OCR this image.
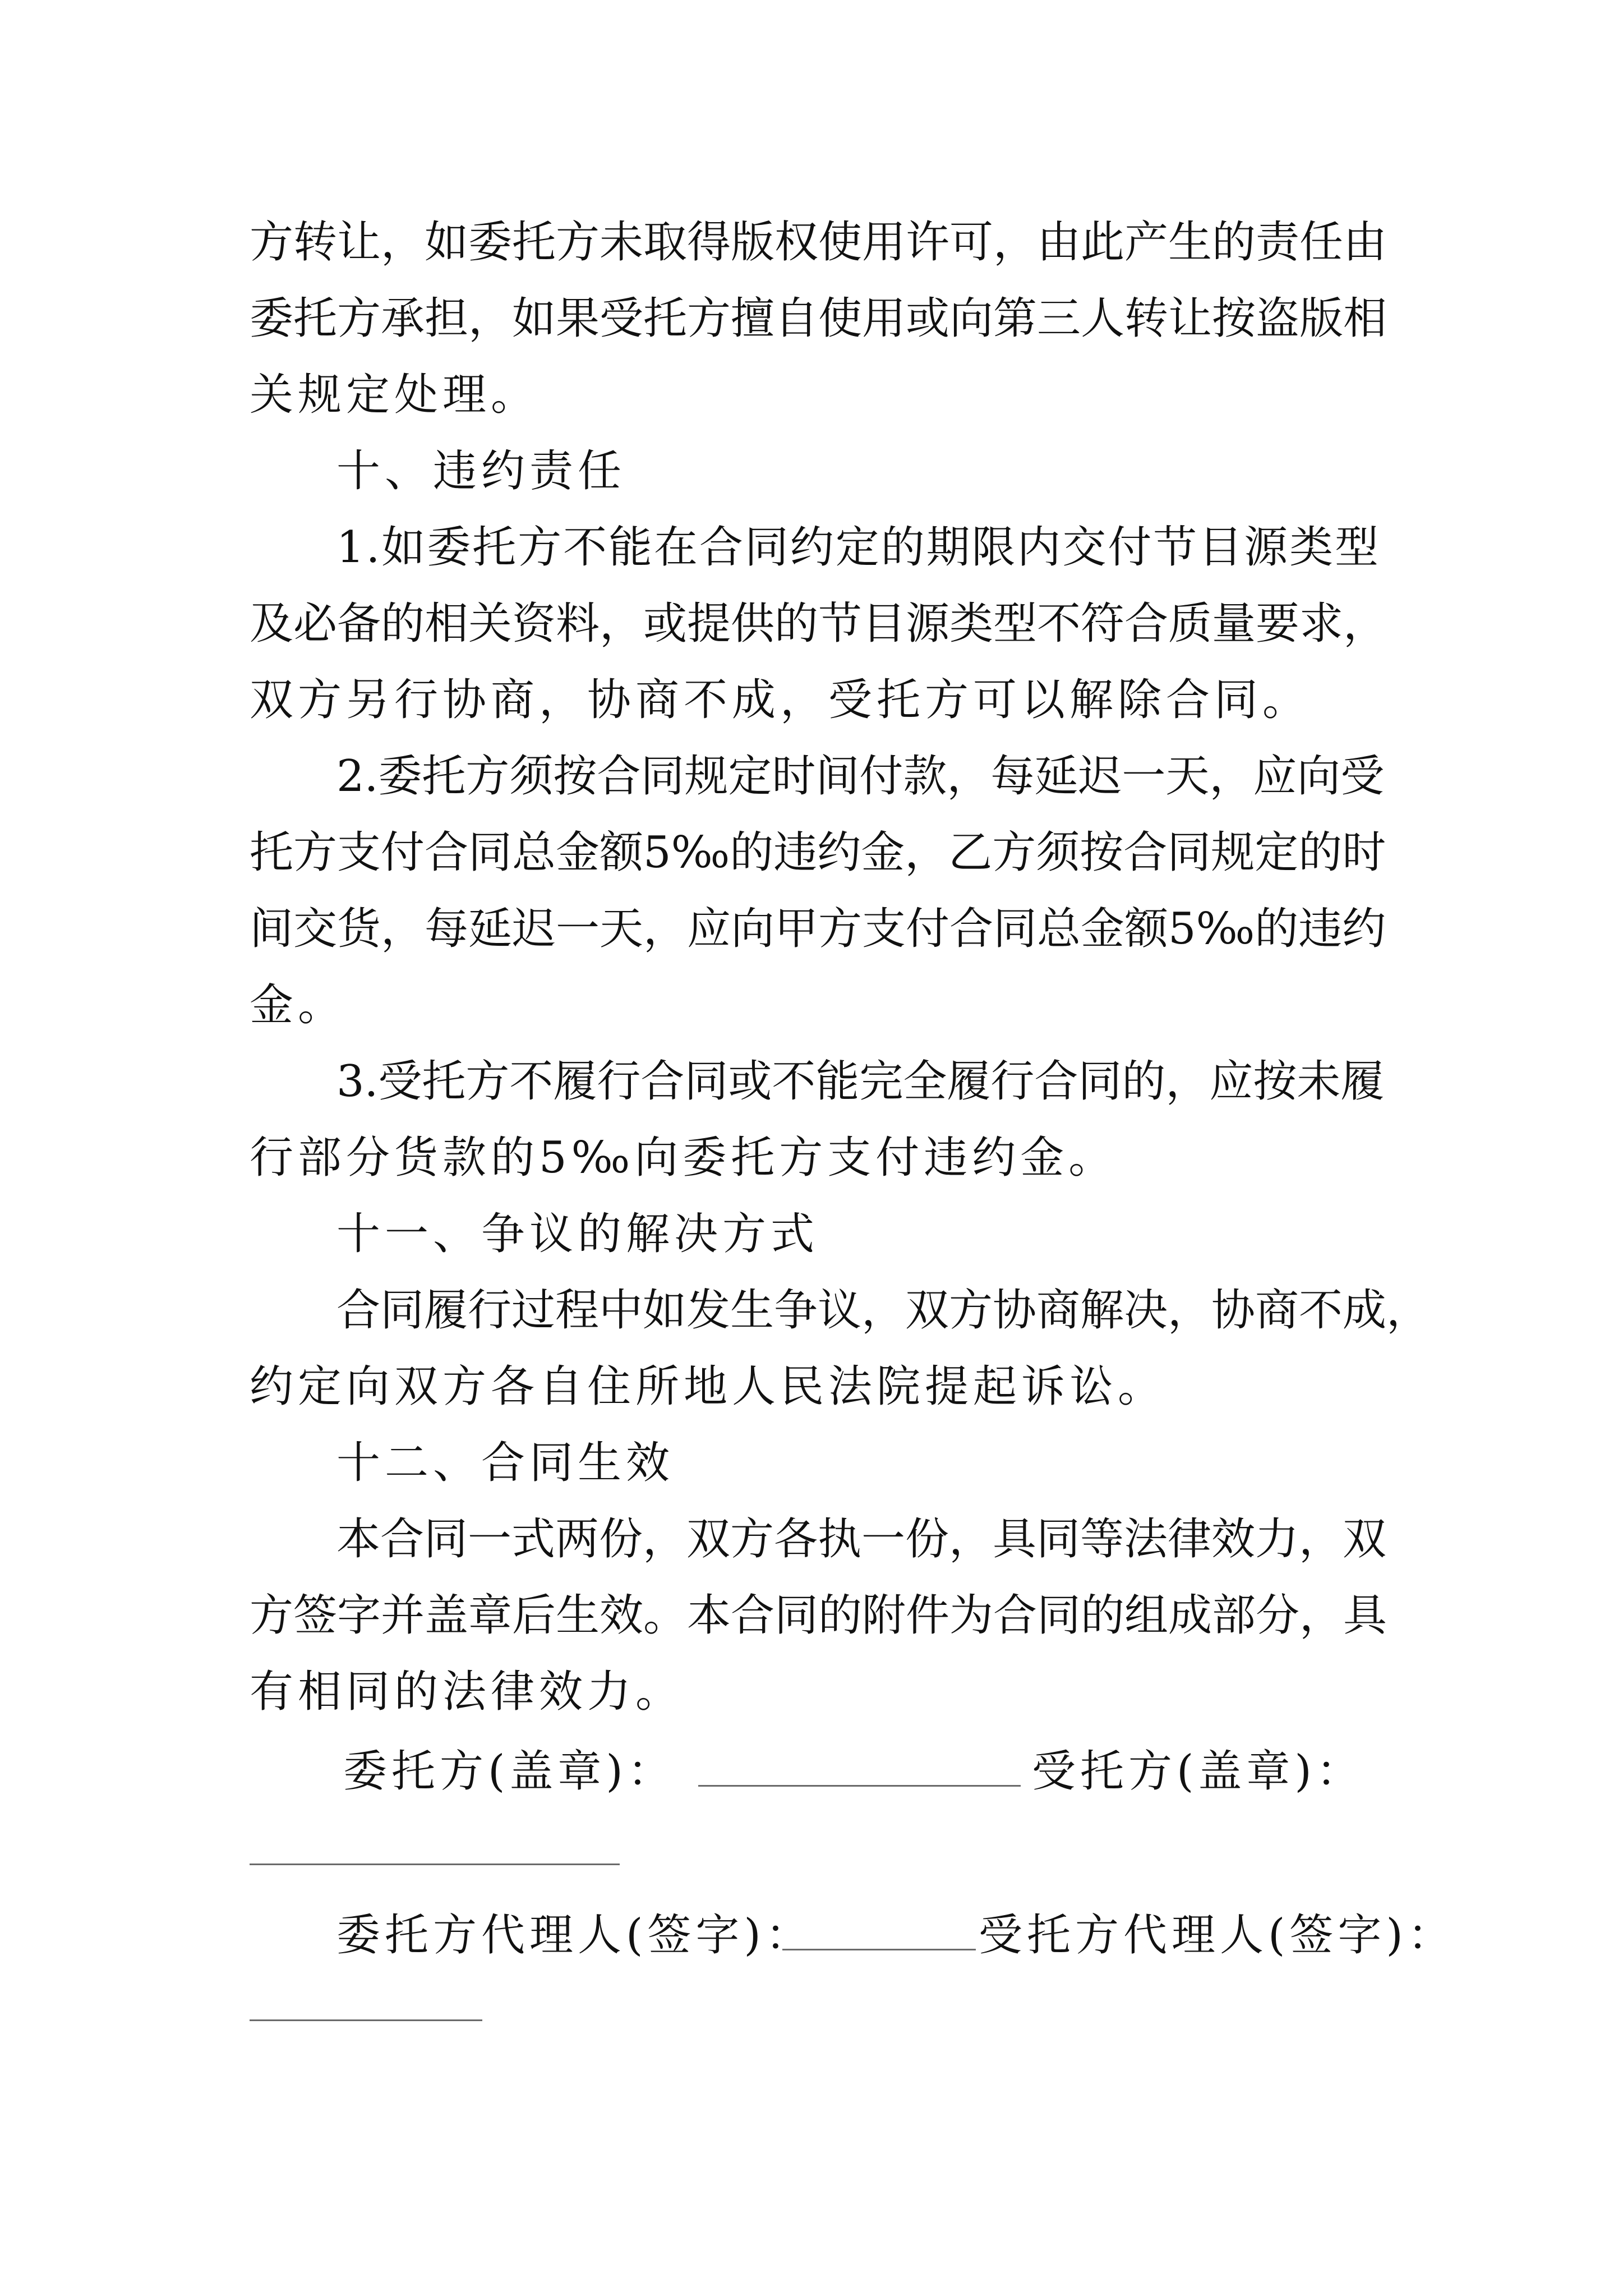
方转让，如委托方未取得版权使用许可，由此产生的责任由
委托方承担，如果受托方擅自使用或向第三人转让按盗版相
关规定处理。
十、违约责任
1.如委托方不能在合同约定的期限内交付节目源类型
及必备的相关资料，或提供的节目源类型不符合质量要求，
双方另行协商，协商不成，受托方可以解除合同。
2.委托方须按合同规定时间付款，每延迟一天，应向受
托方支付合同总金额5‰的违约金，乙方须按合同规定的时
间交货，每延迟一天，应向甲方支付合同总金额5‰的违约
金。
3.受托方不履行合同或不能完全履行合同的，应按未履
行部分货款的5‰向委托方支付违约金。
十一、争议的解决方式
合同履行过程中如发生争议，双方协商解决，协商不成，
约定向双方各自住所地人民法院提起诉讼。
十二、合同生效
本合同一式两份，双方各执一份，具同等法律效力，双
方签字并盖章后生效。本合同的附件为合同的组成部分，具
有相同的法律效力。
委托方(盖章)：	受托方(盖章)：
委托方代理人(签字)：	受托方代理人(签字)：
